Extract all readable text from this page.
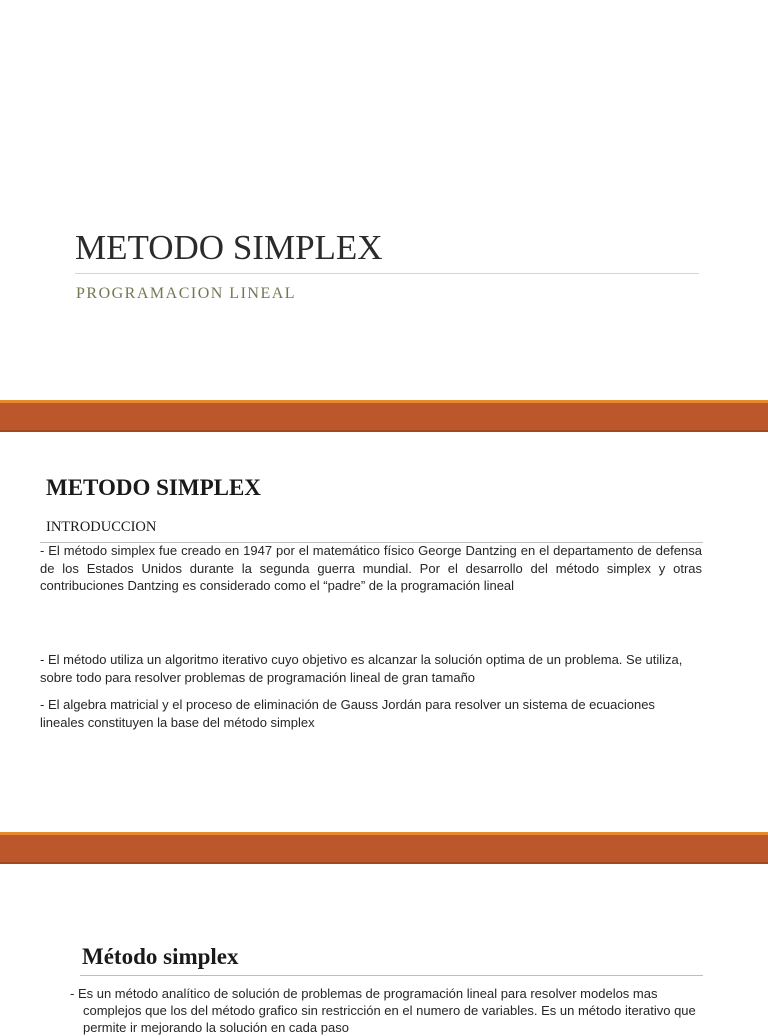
METODO SIMPLEX
PROGRAMACION LINEAL
METODO SIMPLEX
INTRODUCCION

- El método simplex fue creado en 1947 por el matemático físico George Dantzing en el departamento de defensa de los Estados Unidos durante la segunda guerra mundial. Por el desarrollo del método simplex y otras contribuciones Dantzing es considerado como el “padre” de la programación lineal

- El método utiliza un algoritmo iterativo cuyo objetivo es alcanzar la solución optima de un problema. Se utiliza, sobre todo para resolver problemas de programación lineal de gran tamaño

- El algebra matricial y el proceso de eliminación de Gauss Jordán para resolver un sistema de ecuaciones lineales constituyen la base del método simplex

Método simplex

- Es un método analítico de solución de problemas de programación lineal para resolver modelos mas complejos que los del método grafico sin restricción en el numero de variables. Es un método iterativo que permite ir mejorando la solución en cada paso
